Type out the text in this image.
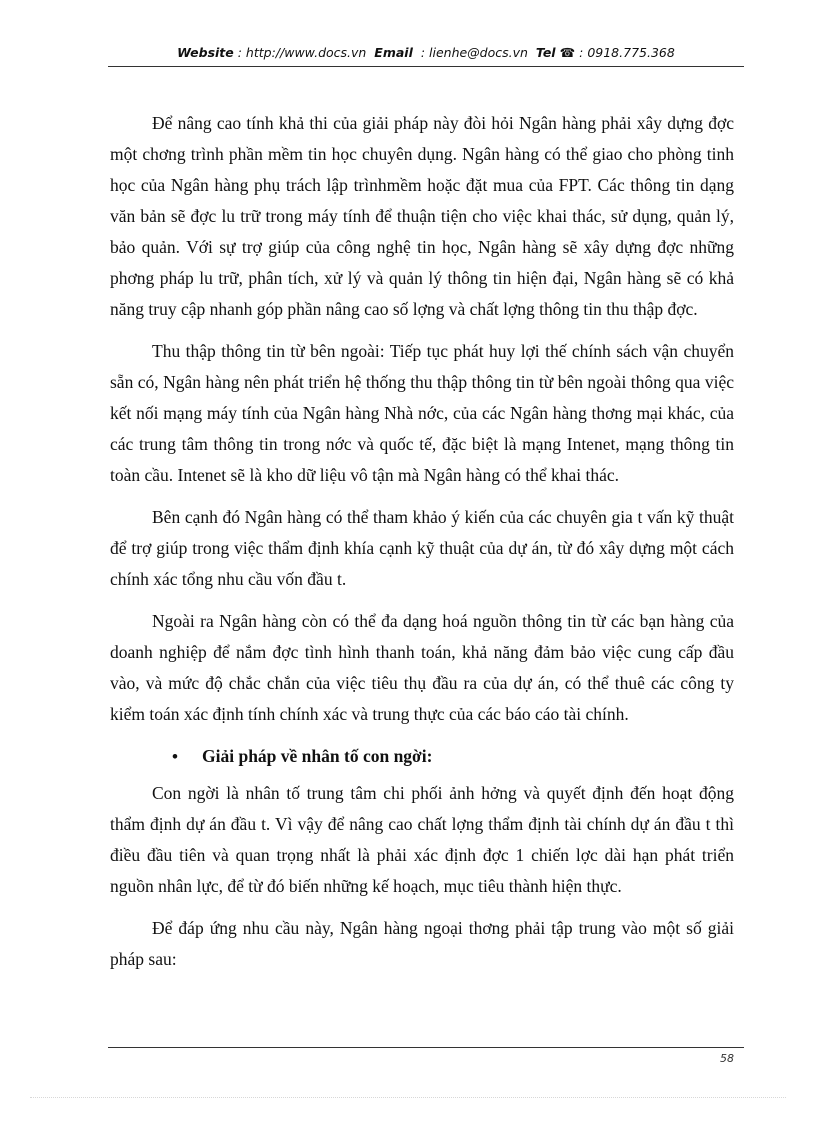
Website : http://www.docs.vn Email : lienhe@docs.vn Tel ☎ : 0918.775.368

Để nâng cao tính khả thi của giải pháp này đòi hỏi Ngân hàng phải xây dựng đợc một chơng trình phần mềm tin học chuyên dụng. Ngân hàng có thể giao cho phòng tinh học của Ngân hàng phụ trách lập trìnhmềm hoặc đặt mua của FPT. Các thông tin dạng văn bản sẽ đợc lu trữ trong máy tính để thuận tiện cho việc khai thác, sử dụng, quản lý, bảo quản. Với sự trợ giúp của công nghệ tin học, Ngân hàng sẽ xây dựng đợc những phơng pháp lu trữ, phân tích, xử lý và quản lý thông tin hiện đại, Ngân hàng sẽ có khả năng truy cập nhanh góp phần nâng cao số lợng và chất lợng thông tin thu thập đợc.

Thu thập thông tin từ bên ngoài: Tiếp tục phát huy lợi thế chính sách vận chuyển sẵn có, Ngân hàng nên phát triển hệ thống thu thập thông tin từ bên ngoài thông qua việc kết nối mạng máy tính của Ngân hàng Nhà nớc, của các Ngân hàng thơng mại khác, của các trung tâm thông tin trong nớc và quốc tế, đặc biệt là mạng Intenet, mạng thông tin toàn cầu. Intenet sẽ là kho dữ liệu vô tận mà Ngân hàng có thể khai thác.

Bên cạnh đó Ngân hàng có thể tham khảo ý kiến của các chuyên gia t vấn kỹ thuật để trợ giúp trong việc thẩm định khía cạnh kỹ thuật của dự án, từ đó xây dựng một cách chính xác tổng nhu cầu vốn đầu t.

Ngoài ra Ngân hàng còn có thể đa dạng hoá nguồn thông tin từ các bạn hàng của doanh nghiệp để nắm đợc tình hình thanh toán, khả năng đảm bảo việc cung cấp đầu vào, và mức độ chắc chắn của việc tiêu thụ đầu ra của dự án, có thể thuê các công ty kiểm toán xác định tính chính xác và trung thực của các báo cáo tài chính.

•	Giải pháp về nhân tố con ngời:

Con ngời là nhân tố trung tâm chi phối ảnh hởng và quyết định đến hoạt động thẩm định dự án đầu t. Vì vậy để nâng cao chất lợng thẩm định tài chính dự án đầu t thì điều đầu tiên và quan trọng nhất là phải xác định đợc 1 chiến lợc dài hạn phát triển nguồn nhân lực, để từ đó biến những kế hoạch, mục tiêu thành hiện thực.

Để đáp ứng nhu cầu này, Ngân hàng ngoại thơng phải tập trung vào một số giải pháp sau:

58
